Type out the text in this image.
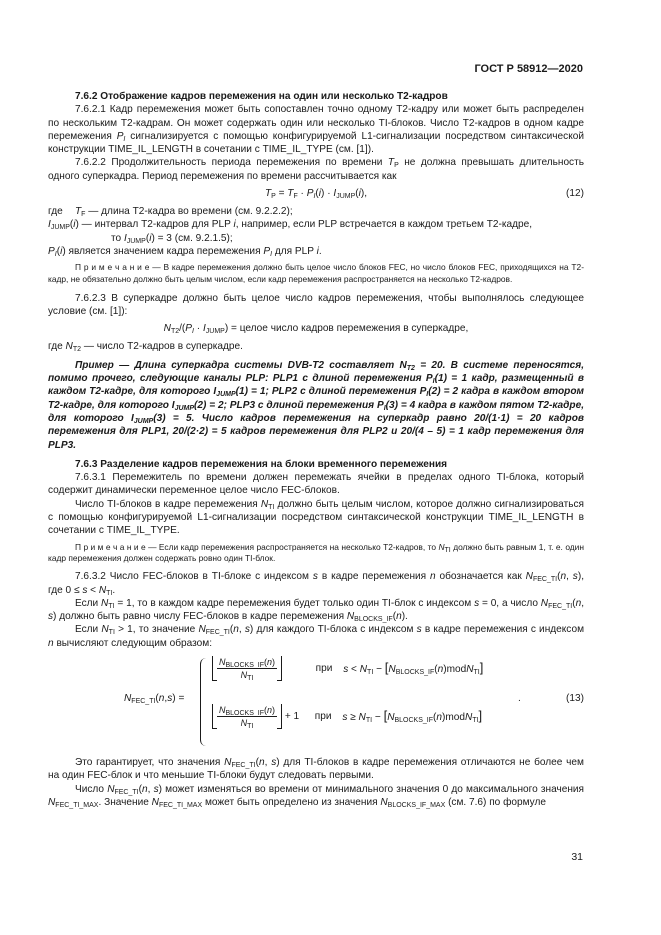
ГОСТ Р 58912—2020

7.6.2 Отображение кадров перемежения на один или несколько Т2-кадров

7.6.2.1 Кадр перемежения может быть сопоставлен точно одному Т2-кадру или может быть распределен по нескольким Т2-кадрам. Он может содержать один или несколько TI-блоков. Число Т2-кадров в одном кадре перемежения $P_I$ сигнализируется с помощью конфигурируемой L1-сигнализации посредством синтаксической конструкции TIME_IL_LENGTH в сочетании с TIME_IL_TYPE (см. [1]).

7.6.2.2 Продолжительность периода перемежения по времени $T_P$ не должна превышать длительность одного суперкадра. Период перемежения по времени рассчитывается как

$T_P = T_F \cdot P_I(i) \cdot I_{JUMP}(i)$,	(12)
где	$T_F$ — длина Т2-кадра во времени (см. 9.2.2.2);
$I_{JUMP}(i)$ — интервал Т2-кадров для PLP i, например, если PLP встречается в каждом третьем Т2-кадре,
то $I_{JUMP}(i) = 3$ (см. 9.2.1.5);
$P_I(i)$ является значением кадра перемежения $P_I$ для PLP i.

П р и м е ч а н и е — В кадре перемежения должно быть целое число блоков FEC, но число блоков FEC, приходящихся на Т2-кадр, не обязательно должно быть целым числом, если кадр перемежения распространяется на несколько Т2-кадров.

7.6.2.3 В суперкадре должно быть целое число кадров перемежения, чтобы выполнялось следующее условие (см. [1]):

$N_{T2}/(P_I \cdot I_{JUMP})$ = целое число кадров перемежения в суперкадре,

где $N_{T2}$ — число Т2-кадров в суперкадре.

Пример — Длина суперкадра системы DVB-T2 составляет $N_{T2} = 20$. В системе переносятся, помимо прочего, следующие каналы PLP: PLP1 с длиной перемежения $P_I(1) = 1$ кадр, размещенный в каждом Т2-кадре, для которого $I_{JUMP}(1) = 1$; PLP2 с длиной перемежения $P_I(2) = 2$ кадра в каждом втором Т2-кадре, для которого $I_{JUMP}(2) = 2$; PLP3 с длиной перемежения $P_I(3) = 4$ кадра в каждом пятом Т2-кадре, для которого $I_{JUMP}(3) = 5$. Число кадров перемежения на суперкадр равно 20/(1·1) = 20 кадров перемежения для PLP1, 20/(2·2) = 5 кадров перемежения для PLP2 и 20/(4 – 5) = 1 кадр перемежения для PLP3.

7.6.3 Разделение кадров перемежения на блоки временного перемежения

7.6.3.1 Перемежитель по времени должен перемежать ячейки в пределах одного TI-блока, который содержит динамически переменное целое число FEC-блоков.

Число TI-блоков в кадре перемежения $N_{TI}$ должно быть целым числом, которое должно сигнализироваться с помощью конфигурируемой L1-сигнализации посредством синтаксической конструкции TIME_IL_LENGTH в сочетании с TIME_IL_TYPE.

П р и м е ч а н и е — Если кадр перемежения распространяется на несколько Т2-кадров, то $N_{TI}$ должно быть равным 1, т. е. один кадр перемежения должен содержать ровно один TI-блок.

7.6.3.2 Число FEC-блоков в TI-блоке с индексом s в кадре перемежения n обозначается как $N_{FEC\_TI}(n$, s), где $0 \le s < N_{TI}$.

Если $N_{TI} = 1$, то в каждом кадре перемежения будет только один TI-блок с индексом s = 0, а число $N_{FEC\_TI}(n$, s) должно быть равно числу FEC-блоков в кадре перемежения $N_{BLOCKS\_IF}(n)$.

Если $N_{TI} > 1$, то значение $N_{FEC\_TI}(n$, s) для каждого TI-блока с индексом s в кадре перемежения с индексом n вычисляют следующим образом:

$N_{FEC\_TI}(n,s)$ =
$\frac{N_{BLOCKS\_IF}(n)}{N_{TI}}$	при $s < N_{TI}$ − $[N_{BLOCKS\_IF}(n)modN_{TI}]$
$\frac{N_{BLOCKS\_IF}(n)}{N_{TI}} + 1$ при $s \ge N_{TI}$ − $[N_{BLOCKS\_IF}(n)modN_{TI}]$
.	(13)

Это гарантирует, что значения $N_{FEC\_TI}(n$, s) для TI-блоков в кадре перемежения отличаются не более чем на один FEC-блок и что меньшие TI-блоки будут следовать первыми.

Число $N_{FEC\_TI}(n$, s) может изменяться во времени от минимального значения 0 до максимального значения $N_{FEC\_TI\_MAX}$. Значение $N_{FEC\_TI\_MAX}$ может быть определено из значения $N_{BLOCKS\_IF\_MAX}$ (см. 7.6) по формуле

31
